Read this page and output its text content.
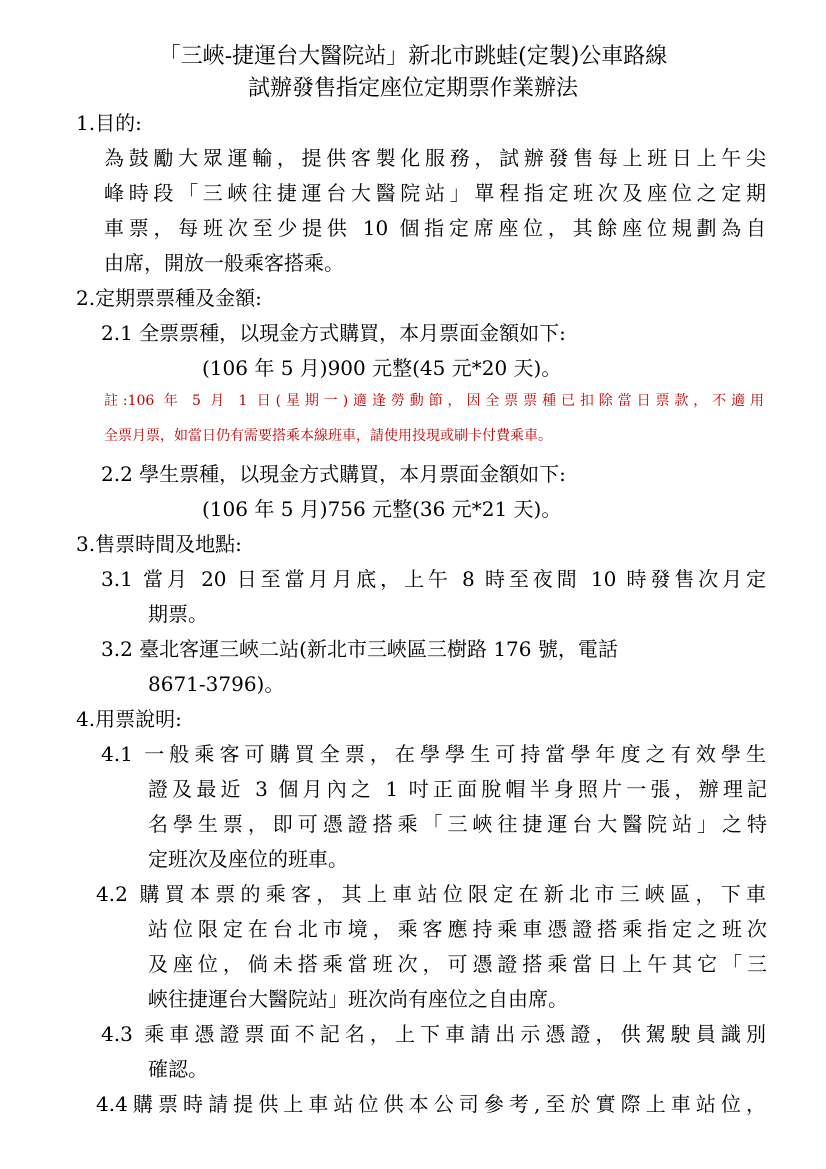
「三峽-捷運台大醫院站」新北市跳蛙(定製)公車路線
試辦發售指定座位定期票作業辦法
1.目的:
為鼓勵大眾運輸，提供客製化服務，試辦發售每上班日上午尖
峰時段「三峽往捷運台大醫院站」單程指定班次及座位之定期
車票，每班次至少提供 10 個指定席座位，其餘座位規劃為自
由席，開放一般乘客搭乘。
2.定期票票種及金額:
2.1 全票票種，以現金方式購買，本月票面金額如下:
(106 年 5 月)900 元整(45 元*20 天)。
註:106 年 5 月 1 日(星期一)適逢勞動節，因全票票種已扣除當日票款，不適用
全票月票，如當日仍有需要搭乘本線班車，請使用投現或刷卡付費乘車。
2.2 學生票種，以現金方式購買，本月票面金額如下:
(106 年 5 月)756 元整(36 元*21 天)。
3.售票時間及地點:
3.1 當月 20 日至當月月底，上午 8 時至夜間 10 時發售次月定
期票。
3.2 臺北客運三峽二站(新北市三峽區三樹路 176 號，電話
8671-3796)。
4.用票說明:
4.1 一般乘客可購買全票，在學學生可持當學年度之有效學生
證及最近 3 個月內之 1 吋正面脫帽半身照片一張，辦理記
名學生票，即可憑證搭乘「三峽往捷運台大醫院站」之特
定班次及座位的班車。
4.2 購買本票的乘客，其上車站位限定在新北市三峽區，下車
站位限定在台北市境，乘客應持乘車憑證搭乘指定之班次
及座位，倘未搭乘當班次，可憑證搭乘當日上午其它「三
峽往捷運台大醫院站」班次尚有座位之自由席。
4.3 乘車憑證票面不記名，上下車請出示憑證，供駕駛員識別
確認。
4.4購票時請提供上車站位供本公司參考,至於實際上車站位，
